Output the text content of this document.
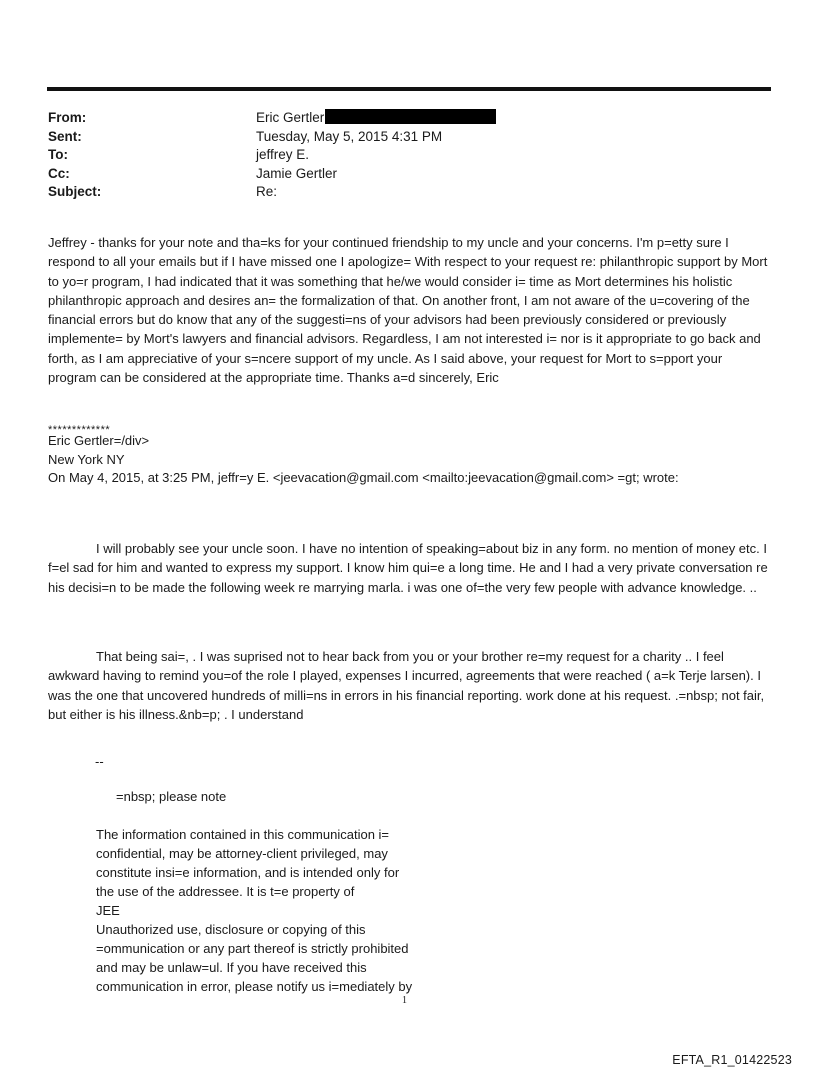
From:	Eric Gertler
Sent:	Tuesday, May 5, 2015 4:31 PM
To:	jeffrey E.
Cc:	Jamie Gertler
Subject:	Re:

Jeffrey - thanks for your note and tha=ks for your continued friendship to my uncle and your concerns. I'm p=etty sure I respond to all your emails but if I have missed one I apologize= With respect to your request re: philanthropic support by Mort to yo=r program, I had indicated that it was something that he/we would consider i= time as Mort determines his holistic philanthropic approach and desires an= the formalization of that. On another front, I am not aware of the u=covering of the financial errors but do know that any of the suggesti=ns of your advisors had been previously considered or previously implemente= by Mort's lawyers and financial advisors. Regardless, I am not interested i= nor is it appropriate to go back and forth, as I am appreciative of your s=ncere support of my uncle. As I said above, your request for Mort to s=pport your program can be considered at the appropriate time. Thanks a=d sincerely, Eric

*************
Eric Gertler=/div>
New York NY
On May 4, 2015, at 3:25 PM, jeffr=y E. <jeevacation@gmail.com <mailto:jeevacation@gmail.com> =gt; wrote:

I will probably see your uncle soon. I have no intention of speaking=about biz in any form. no mention of money etc. I f=el sad for him and wanted to express my support. I know him qui=e a long time. He and I had a very private conversation re his decisi=n to be made the following week re marrying marla. i was one of=the very few people with advance knowledge. ..

That being sai=, . I was suprised not to hear back from you or your brother re=my request for a charity .. I feel awkward having to remind you=of the role I played, expenses I incurred, agreements that were reached ( a=k Terje larsen). I was the one that uncovered hundreds of milli=ns in errors in his financial reporting. work done at his request. .=nbsp; not fair, but either is his illness.&nb=p; . I understand

--
=nbsp; please note
The information contained in this communication i=
confidential, may be attorney-client privileged, may
constitute insi=e information, and is intended only for
the use of the addressee. It is t=e property of
JEE
Unauthorized use, disclosure or copying of this
=ommunication or any part thereof is strictly prohibited
and may be unlaw=ul. If you have received this
communication in error, please notify us i=mediately by
1
EFTA_R1_01422523
